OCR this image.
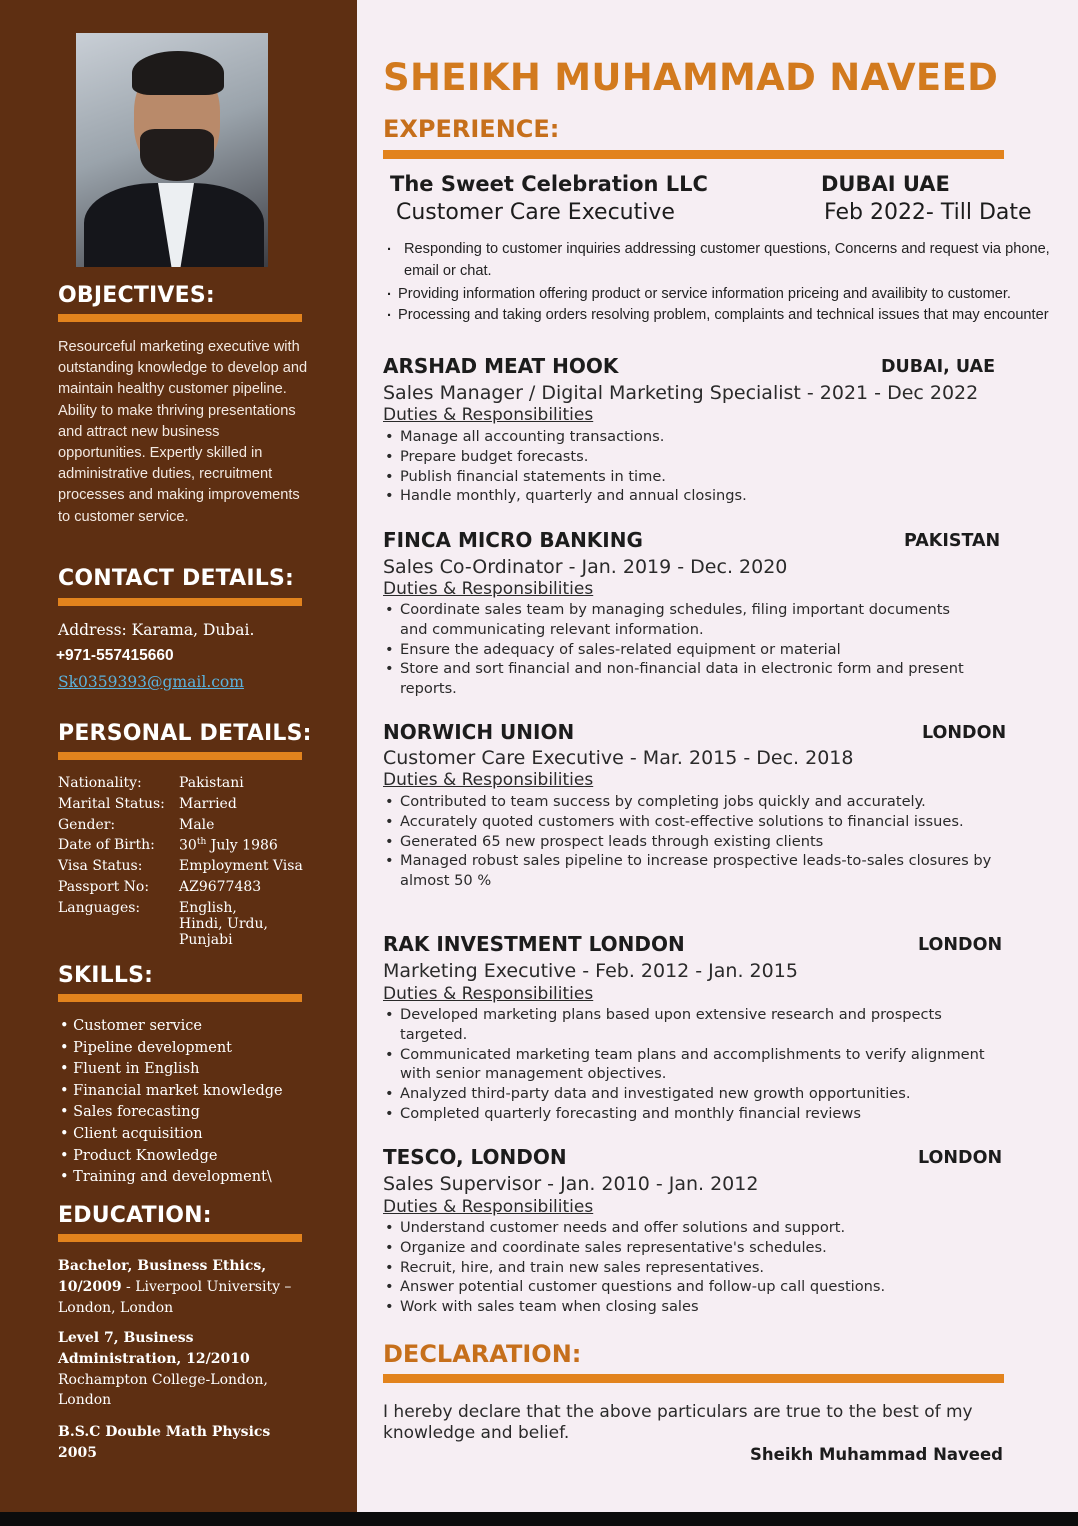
OBJECTIVES:

Resourceful marketing executive with outstanding knowledge to develop and maintain healthy customer pipeline. Ability to make thriving presentations and attract new business opportunities. Expertly skilled in administrative duties, recruitment processes and making improvements to customer service.

CONTACT DETAILS:
Address: Karama, Dubai.
+971-557415660
Sk0359393@gmail.com
PERSONAL DETAILS:
Nationality:	Pakistani
Marital Status: Married
Gender:	Male
Date of Birth: 30th July 1986
Visa Status:	Employment Visa
Passport No: AZ9677483
Languages:	English,
Hindi, Urdu,
Punjabi
SKILLS:
• Customer service
• Pipeline development
• Fluent in English
• Financial market knowledge
• Sales forecasting
• Client acquisition
• Product Knowledge
• Training and development\
EDUCATION:

Bachelor, Business Ethics, 10/2009 - Liverpool University – London, London

Level 7, Business Administration, 12/2010 Rochampton College-London, London

B.S.C Double Math Physics 2005

SHEIKH MUHAMMAD NAVEED
EXPERIENCE:
The Sweet Celebration LLC	DUBAI UAE
Customer Care Executive	Feb 2022- Till Date
. Responding to customer inquiries addressing customer questions, Concerns and request via phone, email or chat.
. Providing information offering product or service information priceing and availibity to customer.
. Processing and taking orders resolving problem, complaints and technical issues that may encounter
ARSHAD MEAT HOOK	DUBAI, UAE
Sales Manager / Digital Marketing Specialist - 2021 - Dec 2022
Duties & Responsibilities
• Manage all accounting transactions.
• Prepare budget forecasts.
• Publish financial statements in time.
• Handle monthly, quarterly and annual closings.
FINCA MICRO BANKING	PAKISTAN
Sales Co-Ordinator - Jan. 2019 - Dec. 2020
Duties & Responsibilities
• Coordinate sales team by managing schedules, filing important documents and communicating relevant information.
• Ensure the adequacy of sales-related equipment or material
• Store and sort financial and non-financial data in electronic form and present reports.
NORWICH UNION	LONDON
Customer Care Executive - Mar. 2015 - Dec. 2018
Duties & Responsibilities
• Contributed to team success by completing jobs quickly and accurately.
• Accurately quoted customers with cost-effective solutions to financial issues.
• Generated 65 new prospect leads through existing clients
• Managed robust sales pipeline to increase prospective leads-to-sales closures by almost 50 %
RAK INVESTMENT LONDON	LONDON
Marketing Executive - Feb. 2012 - Jan. 2015
Duties & Responsibilities
• Developed marketing plans based upon extensive research and prospects targeted.
• Communicated marketing team plans and accomplishments to verify alignment with senior management objectives.
• Analyzed third-party data and investigated new growth opportunities.
• Completed quarterly forecasting and monthly financial reviews
TESCO, LONDON	LONDON
Sales Supervisor - Jan. 2010 - Jan. 2012
Duties & Responsibilities
• Understand customer needs and offer solutions and support.
• Organize and coordinate sales representative's schedules.
• Recruit, hire, and train new sales representatives.
• Answer potential customer questions and follow-up call questions.
• Work with sales team when closing sales
DECLARATION:

I hereby declare that the above particulars are true to the best of my knowledge and belief.

Sheikh Muhammad Naveed
